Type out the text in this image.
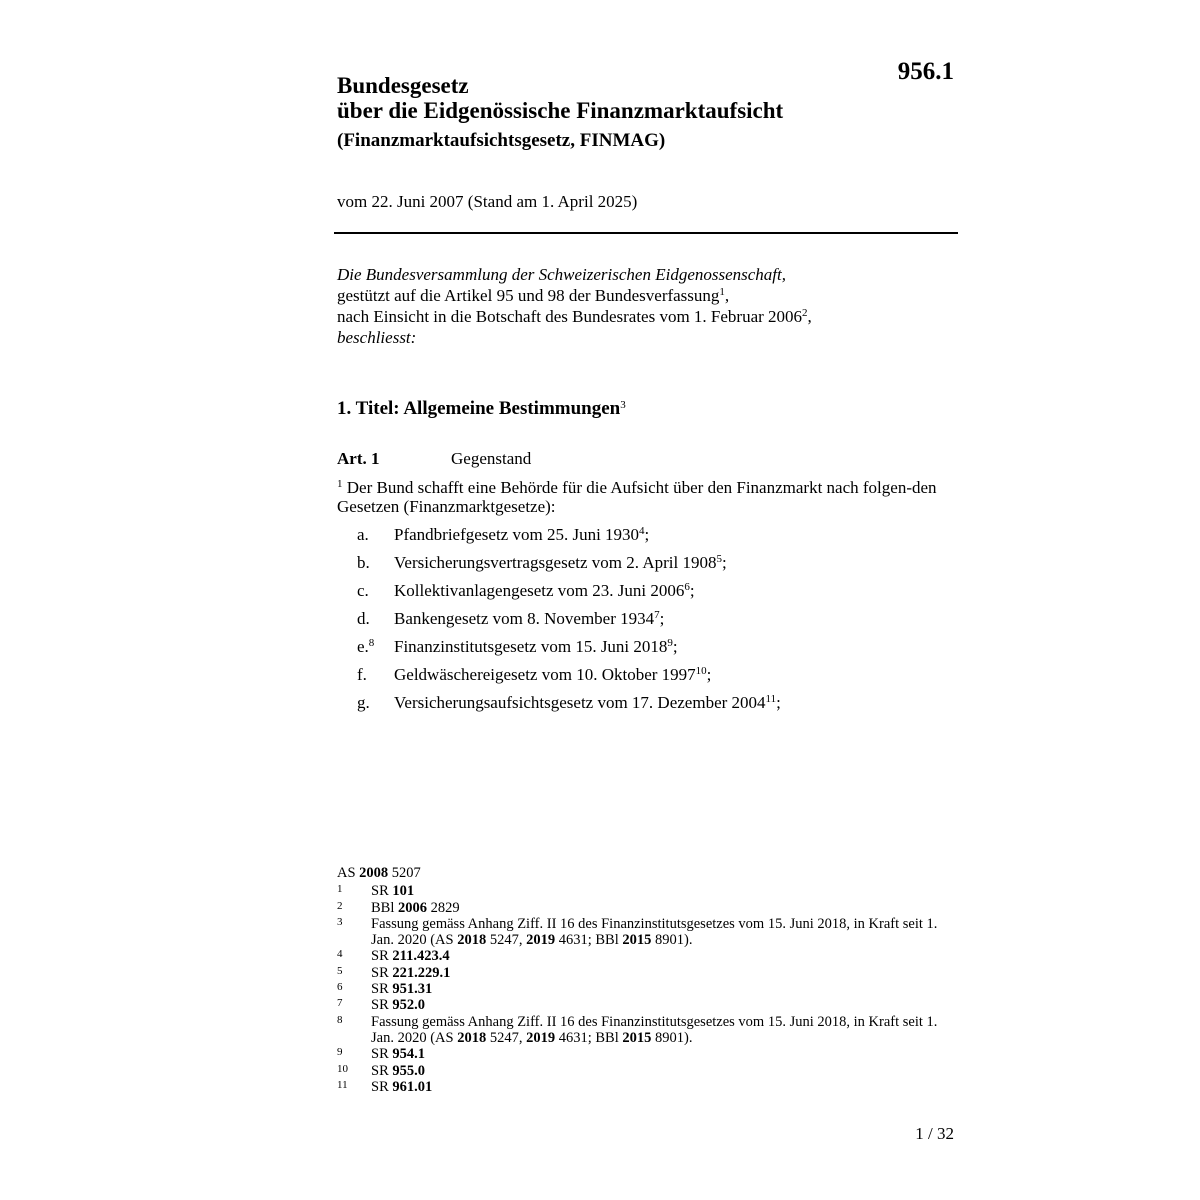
956.1
Bundesgesetz
über die Eidgenössische Finanzmarktaufsicht
(Finanzmarktaufsichtsgesetz, FINMAG)
vom 22. Juni 2007 (Stand am 1. April 2025)

Die Bundesversammlung der Schweizerischen Eidgenossenschaft,

gestützt auf die Artikel 95 und 98 der Bundesverfassung$^1$,

nach Einsicht in die Botschaft des Bundesrates vom 1. Februar 2006$^2$,

beschliesst:

1. Titel: Allgemeine Bestimmungen$^3$
Art. 1	Gegenstand
$^1$ Der Bund schafft eine Behörde für die Aufsicht über den Finanzmarkt nach folgen-den Gesetzen (Finanzmarktgesetze):
a.	Pfandbriefgesetz vom 25. Juni 1930$^4$;
b.	Versicherungsvertragsgesetz vom 2. April 1908$^5$;
c.	Kollektivanlagengesetz vom 23. Juni 2006$^6$;
d.	Bankengesetz vom 8. November 1934$^7$;
e.$^8$	Finanzinstitutsgesetz vom 15. Juni 2018$^9$;
f.	Geldwäschereigesetz vom 10. Oktober 1997$^{10}$;
g.	Versicherungsaufsichtsgesetz vom 17. Dezember 2004$^{11}$;
AS 2008 5207
1	SR 101
2	BBl 2006 2829
3	Fassung gemäss Anhang Ziff. II 16 des Finanzinstitutsgesetzes vom 15. Juni 2018, in Kraft seit 1. Jan. 2020 (AS 2018 5247, 2019 4631; BBl 2015 8901).
4	SR 211.423.4
5	SR 221.229.1
6	SR 951.31
7	SR 952.0
8	Fassung gemäss Anhang Ziff. II 16 des Finanzinstitutsgesetzes vom 15. Juni 2018, in Kraft seit 1. Jan. 2020 (AS 2018 5247, 2019 4631; BBl 2015 8901).
9	SR 954.1
10	SR 955.0
11	SR 961.01
1 / 32
